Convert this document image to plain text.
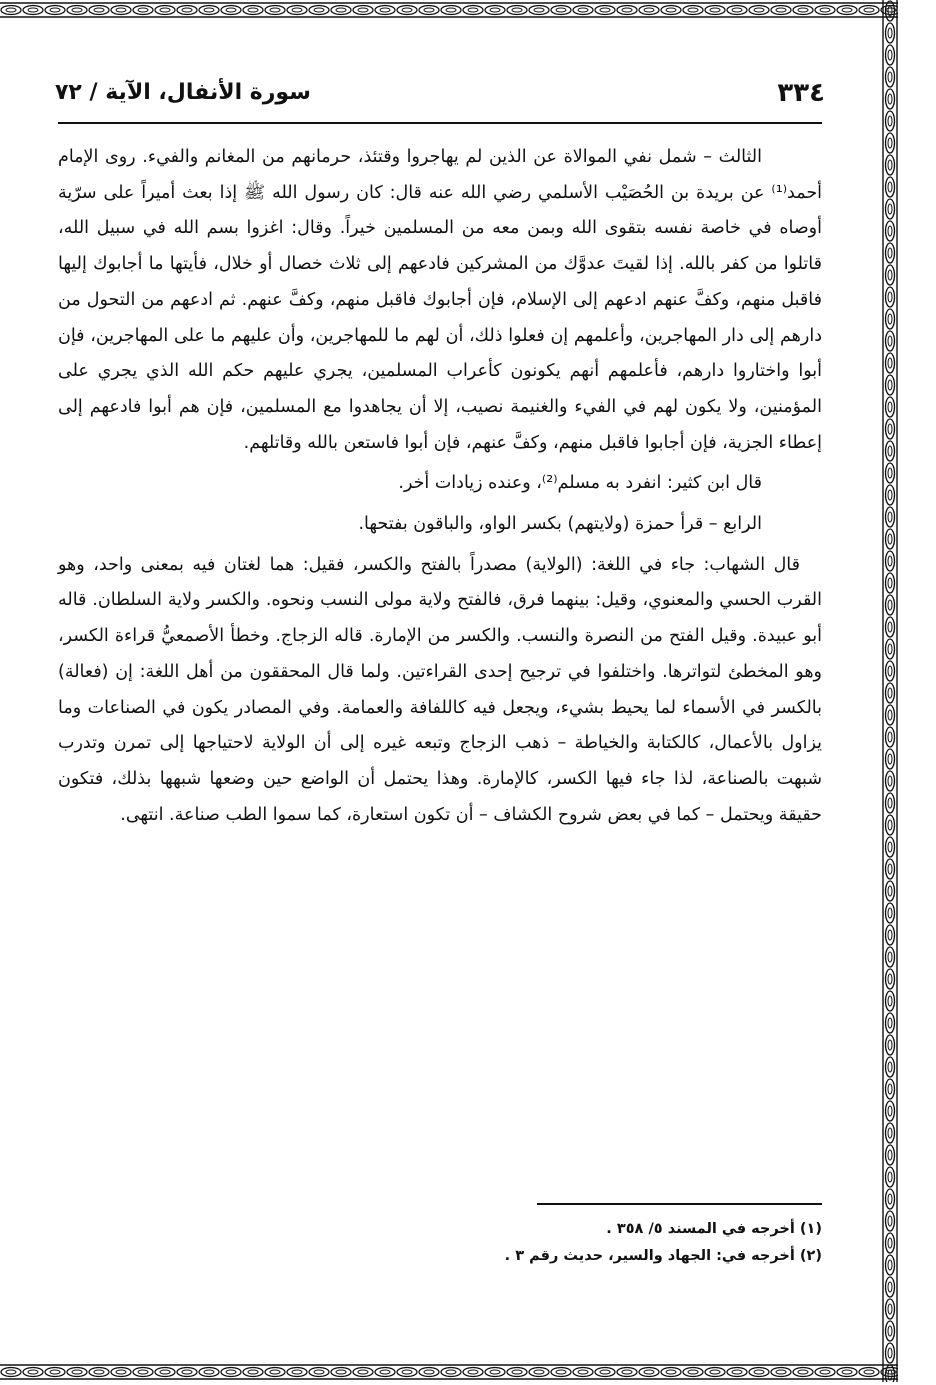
٣٣٤
سورة الأنفال، الآية / ٧٢

الثالث – شمل نفي الموالاة عن الذين لم يهاجروا وقتئذ، حرمانهم من المغانم والفيء. روى الإمام أحمد⁽¹⁾ عن بريدة بن الحُصَيْب الأسلمي رضي الله عنه قال: كان رسول الله ﷺ إذا بعث أميراً على سرّية أوصاه في خاصة نفسه بتقوى الله وبمن معه من المسلمين خيراً. وقال: اغزوا بسم الله في سبيل الله، قاتلوا من كفر بالله. إذا لقيتَ عدوَّك من المشركين فادعهم إلى ثلاث خصال أو خلال، فأيتها ما أجابوك إليها فاقبل منهم، وكفَّ عنهم ادعهم إلى الإسلام، فإن أجابوك فاقبل منهم، وكفَّ عنهم. ثم ادعهم من التحول من دارهم إلى دار المهاجرين، وأعلمهم إن فعلوا ذلك، أن لهم ما للمهاجرين، وأن عليهم ما على المهاجرين، فإن أبوا واختاروا دارهم، فأعلمهم أنهم يكونون كأعراب المسلمين، يجري عليهم حكم الله الذي يجري على المؤمنين، ولا يكون لهم في الفيء والغنيمة نصيب، إلا أن يجاهدوا مع المسلمين، فإن هم أبوا فادعهم إلى إعطاء الجزية، فإن أجابوا فاقبل منهم، وكفَّ عنهم، فإن أبوا فاستعن بالله وقاتلهم.

قال ابن كثير: انفرد به مسلم⁽²⁾، وعنده زيادات أخر.

الرابع – قرأ حمزة (ولايتهم) بكسر الواو، والباقون بفتحها.

قال الشهاب: جاء في اللغة: (الولاية) مصدراً بالفتح والكسر، فقيل: هما لغتان فيه بمعنى واحد، وهو القرب الحسي والمعنوي، وقيل: بينهما فرق، فالفتح ولاية مولى النسب ونحوه. والكسر ولاية السلطان. قاله أبو عبيدة. وقيل الفتح من النصرة والنسب. والكسر من الإمارة. قاله الزجاج. وخطأ الأصمعيُّ قراءة الكسر، وهو المخطئ لتواترها. واختلفوا في ترجيح إحدى القراءتين. ولما قال المحققون من أهل اللغة: إن (فعالة) بالكسر في الأسماء لما يحيط بشيء، ويجعل فيه كاللفافة والعمامة. وفي المصادر يكون في الصناعات وما يزاول بالأعمال، كالكتابة والخياطة – ذهب الزجاج وتبعه غيره إلى أن الولاية لاحتياجها إلى تمرن وتدرب شبهت بالصناعة، لذا جاء فيها الكسر، كالإمارة. وهذا يحتمل أن الواضع حين وضعها شبهها بذلك، فتكون حقيقة ويحتمل – كما في بعض شروح الكشاف – أن تكون استعارة، كما سموا الطب صناعة. انتهى.

(١) أخرجه في المسند ٥/ ٣٥٨ .

(٢) أخرجه في: الجهاد والسير، حديث رقم ٣ .
